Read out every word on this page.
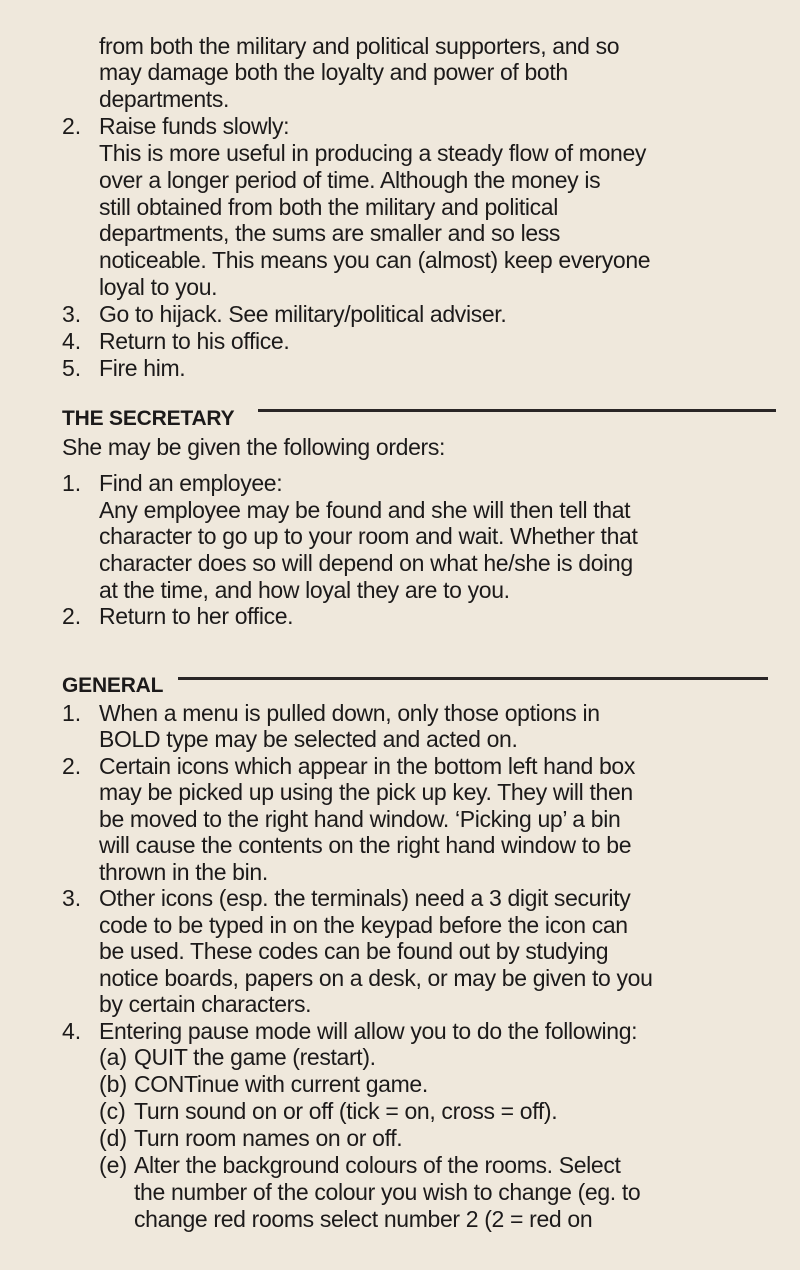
from both the military and political supporters, and so
may damage both the loyalty and power of both
departments.
2. Raise funds slowly:
This is more useful in producing a steady flow of money
over a longer period of time. Although the money is
still obtained from both the military and political
departments, the sums are smaller and so less
noticeable. This means you can (almost) keep everyone
loyal to you.
3. Go to hijack. See military/political adviser.
4. Return to his office.
5. Fire him.
THE SECRETARY
She may be given the following orders:
1. Find an employee:
Any employee may be found and she will then tell that
character to go up to your room and wait. Whether that
character does so will depend on what he/she is doing
at the time, and how loyal they are to you.
2. Return to her office.
GENERAL
1. When a menu is pulled down, only those options in
BOLD type may be selected and acted on.
2. Certain icons which appear in the bottom left hand box
may be picked up using the pick up key. They will then
be moved to the right hand window. ‘Picking up’ a bin
will cause the contents on the right hand window to be
thrown in the bin.
3. Other icons (esp. the terminals) need a 3 digit security
code to be typed in on the keypad before the icon can
be used. These codes can be found out by studying
notice boards, papers on a desk, or may be given to you
by certain characters.
4. Entering pause mode will allow you to do the following:
(a) QUIT the game (restart).
(b) CONTinue with current game.
(c) Turn sound on or off (tick = on, cross = off).
(d) Turn room names on or off.
(e) Alter the background colours of the rooms. Select
the number of the colour you wish to change (eg. to
change red rooms select number 2 (2 = red on
